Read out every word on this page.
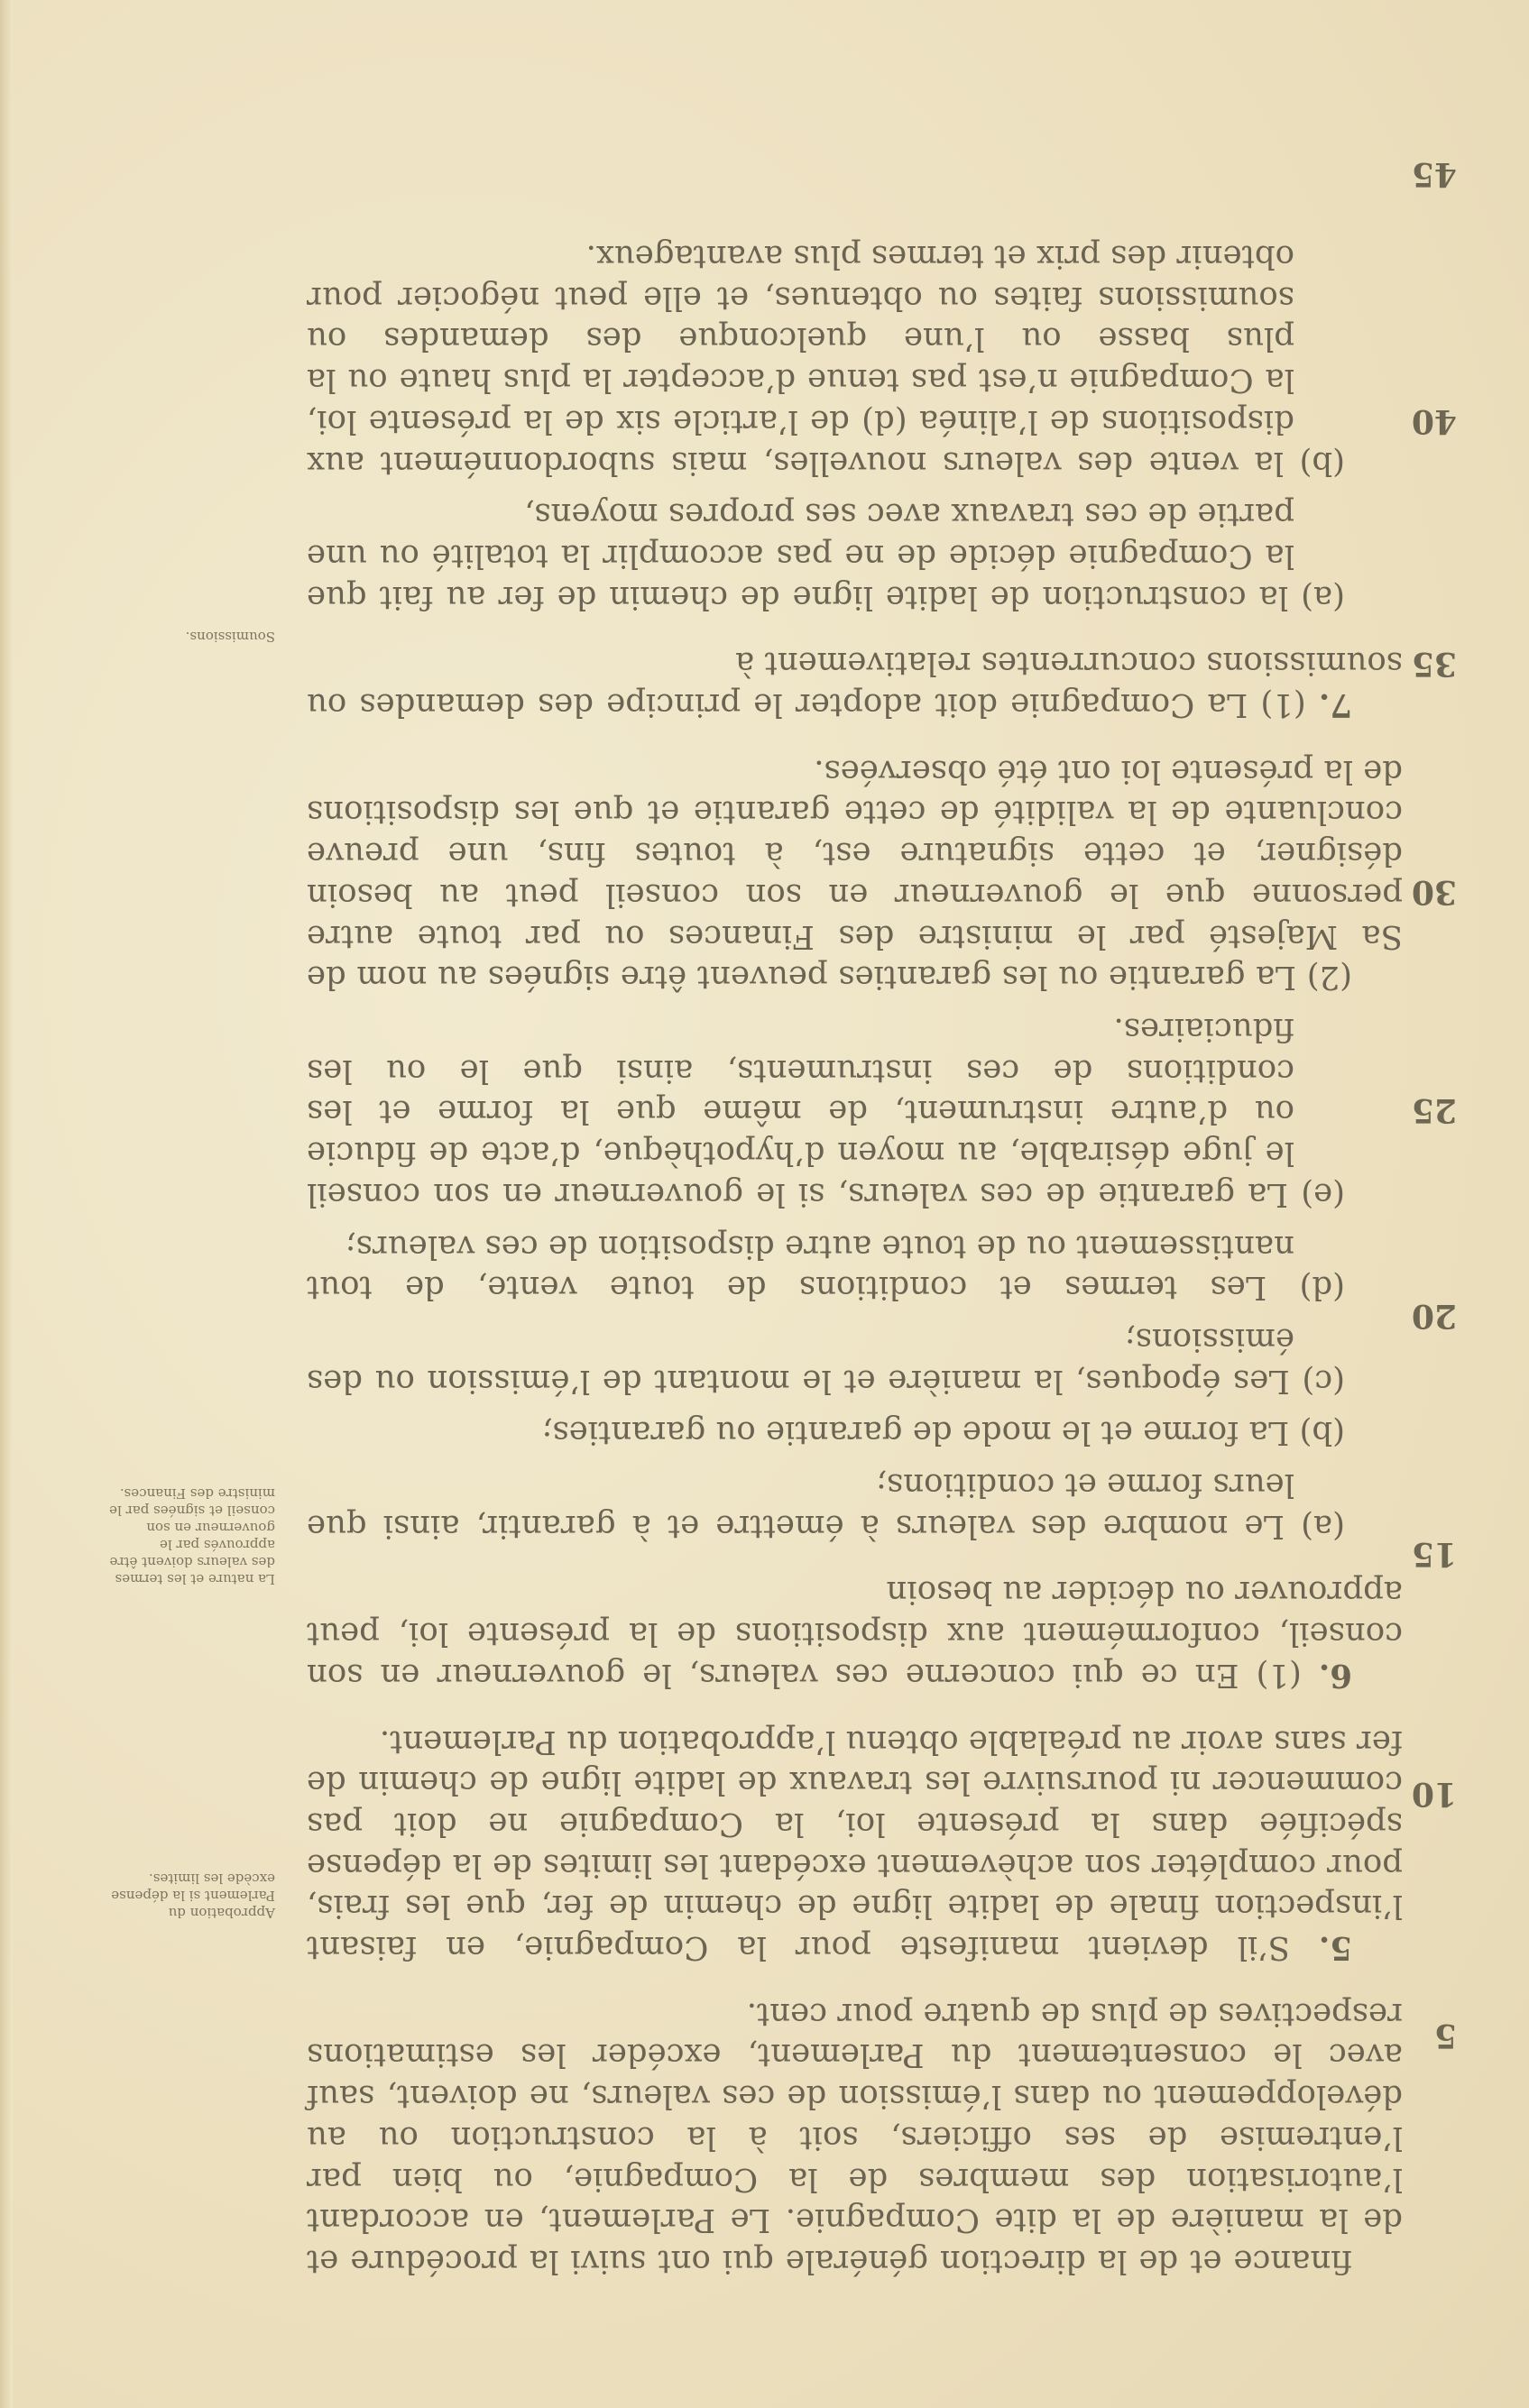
finance et de la direction générale qui ont suivi la procédure et de la manière de la dite Compagnie. Le Parlement, en accordant l’autorisation des membres de la Compagnie, ou bien par l’entremise de ses officiers, soit à la construction ou au développement ou dans l’émission de ces valeurs, ne doivent, sauf avec le consentement du Parlement, excéder les estimations respectives de plus de quatre pour cent.

5. S’il devient manifeste pour la Compagnie, en faisant l’inspection finale de ladite ligne de chemin de fer, que les frais, pour compléter son achèvement excédant les limites de la dépense spécifiée dans la présente loi, la Compagnie ne doit pas commencer ni poursuivre les travaux de ladite ligne de chemin de fer sans avoir au préalable obtenu l’approbation du Parlement.

6. (1) En ce qui concerne ces valeurs, le gouverneur en son conseil, conformément aux dispositions de la présente loi, peut approuver ou décider au besoin

(a) Le nombre des valeurs à émettre et à garantir, ainsi que leurs forme et conditions;

(b) La forme et le mode de garantie ou garanties;

(c) Les époques, la manière et le montant de l’émission ou des émissions;

(d) Les termes et conditions de toute vente, de tout nantissement ou de toute autre disposition de ces valeurs;

(e) La garantie de ces valeurs, si le gouverneur en son conseil le juge désirable, au moyen d’hypothèque, d’acte de fiducie ou d’autre instrument, de même que la forme et les conditions de ces instruments, ainsi que le ou les fiduciaires.

(2) La garantie ou les garanties peuvent être signées au nom de Sa Majesté par le ministre des Finances ou par toute autre personne que le gouverneur en son conseil peut au besoin désigner, et cette signature est, à toutes fins, une preuve concluante de la validité de cette garantie et que les dispositions de la présente loi ont été observées.

7. (1) La Compagnie doit adopter le principe des demandes ou soumissions concurrentes relativement à

(a) la construction de ladite ligne de chemin de fer au fait que la Compagnie décide de ne pas accomplir la totalité ou une partie de ces travaux avec ses propres moyens,

(b) la vente des valeurs nouvelles, mais subordonnément aux dispositions de l’alinéa (d) de l’article six de la présente loi, la Compagnie n’est pas tenue d’accepter la plus haute ou la plus basse ou l’une quelconque des demandes ou soumissions faites ou obtenues, et elle peut négocier pour obtenir des prix et termes plus avantageux.

5
10
15
20
25
30
35
40
45
Approbation du Parlement si la dépense excède les limites.
La nature et les termes des valeurs doivent être approuvés par le gouverneur en son conseil et signées par le ministre des Finances.
Soumissions.
